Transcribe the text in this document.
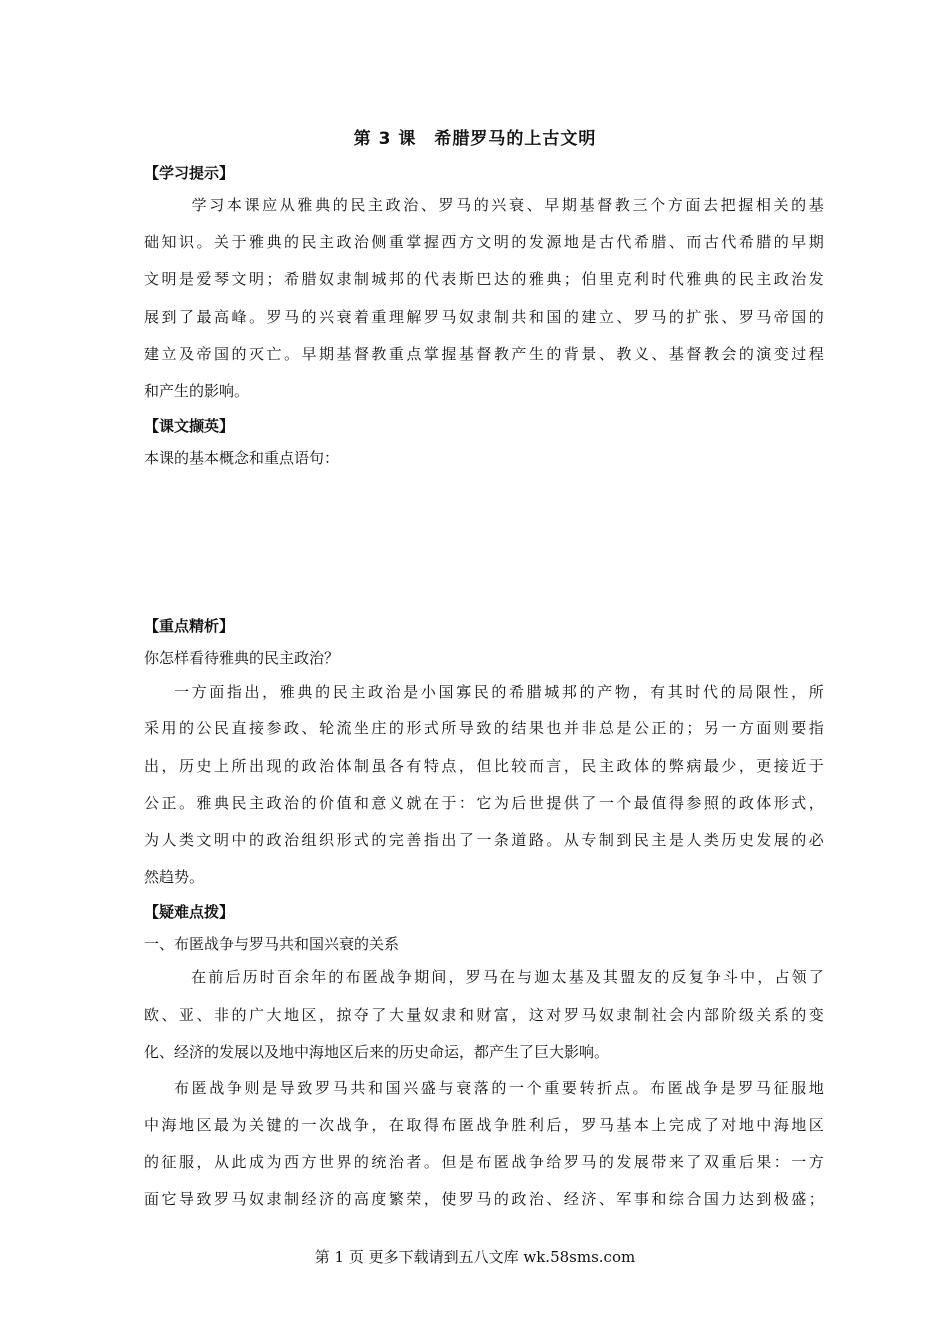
第 3 课　希腊罗马的上古文明
【学习提示】
　学习本课应从雅典的民主政治、罗马的兴衰、早期基督教三个方面去把握相关的基
础知识。关于雅典的民主政治侧重掌握西方文明的发源地是古代希腊、而古代希腊的早期
文明是爱琴文明；希腊奴隶制城邦的代表斯巴达的雅典；伯里克利时代雅典的民主政治发
展到了最高峰。罗马的兴衰着重理解罗马奴隶制共和国的建立、罗马的扩张、罗马帝国的
建立及帝国的灭亡。早期基督教重点掌握基督教产生的背景、教义、基督教会的演变过程
和产生的影响。
【课文撷英】
本课的基本概念和重点语句：
【重点精析】
你怎样看待雅典的民主政治？
一方面指出，雅典的民主政治是小国寡民的希腊城邦的产物，有其时代的局限性，所
采用的公民直接参政、轮流坐庄的形式所导致的结果也并非总是公正的；另一方面则要指
出，历史上所出现的政治体制虽各有特点，但比较而言，民主政体的弊病最少，更接近于
公正。雅典民主政治的价值和意义就在于：它为后世提供了一个最值得参照的政体形式，
为人类文明中的政治组织形式的完善指出了一条道路。从专制到民主是人类历史发展的必
然趋势。
【疑难点拨】
一、布匿战争与罗马共和国兴衰的关系
　在前后历时百余年的布匿战争期间，罗马在与迦太基及其盟友的反复争斗中，占领了
欧、亚、非的广大地区，掠夺了大量奴隶和财富，这对罗马奴隶制社会内部阶级关系的变
化、经济的发展以及地中海地区后来的历史命运，都产生了巨大影响。
布匿战争则是导致罗马共和国兴盛与衰落的一个重要转折点。布匿战争是罗马征服地
中海地区最为关键的一次战争，在取得布匿战争胜利后，罗马基本上完成了对地中海地区
的征服，从此成为西方世界的统治者。但是布匿战争给罗马的发展带来了双重后果：一方
面它导致罗马奴隶制经济的高度繁荣，使罗马的政治、经济、军事和综合国力达到极盛；
第 1 页 更多下载请到五八文库 wk.58sms.com
